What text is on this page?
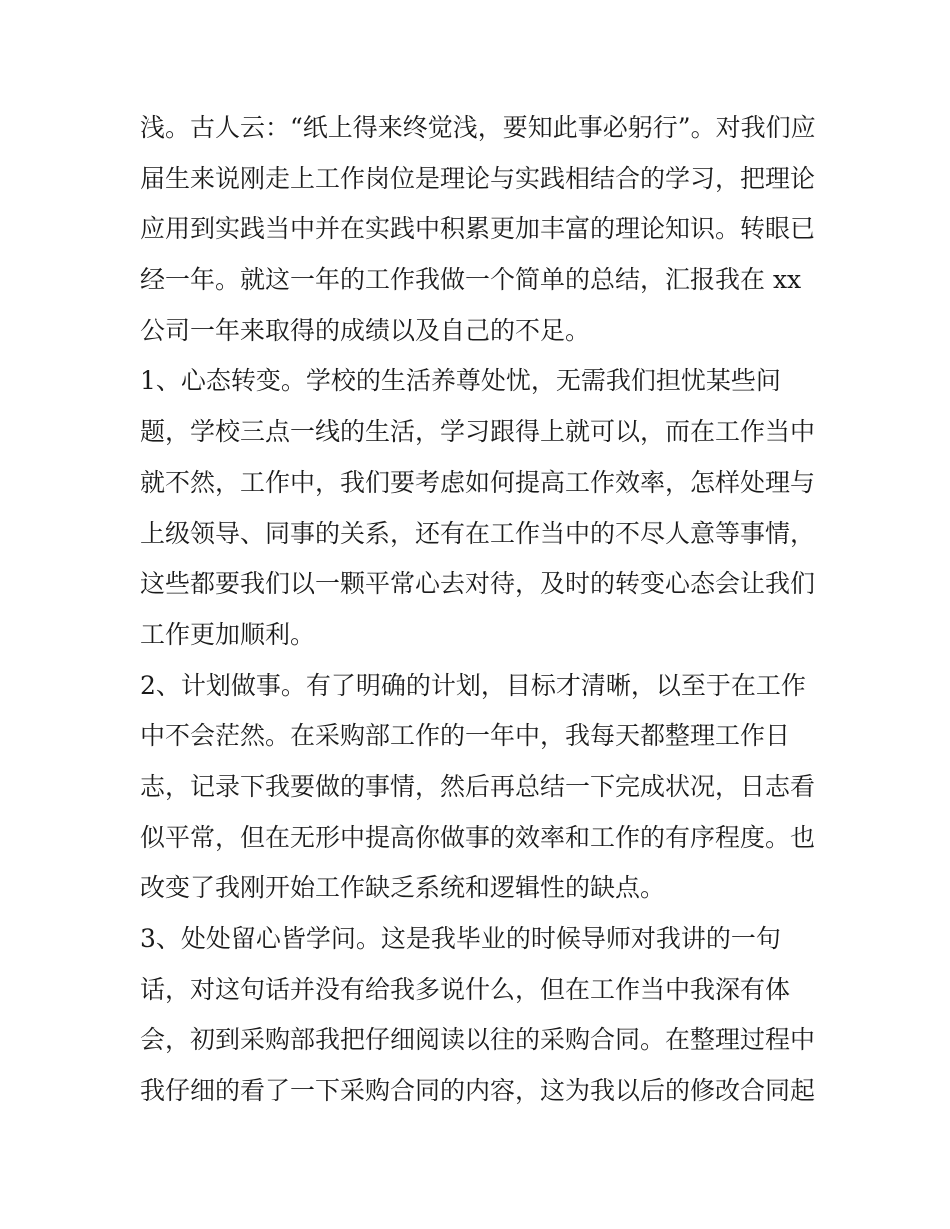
浅。古人云：“纸上得来终觉浅，要知此事必躬行”。对我们应
届生来说刚走上工作岗位是理论与实践相结合的学习，把理论
应用到实践当中并在实践中积累更加丰富的理论知识。转眼已
经一年。就这一年的工作我做一个简单的总结，汇报我在 xx
公司一年来取得的成绩以及自己的不足。
1、心态转变。学校的生活养尊处忧，无需我们担忧某些问
题，学校三点一线的生活，学习跟得上就可以，而在工作当中
就不然，工作中，我们要考虑如何提高工作效率，怎样处理与
上级领导、同事的关系，还有在工作当中的不尽人意等事情，
这些都要我们以一颗平常心去对待，及时的转变心态会让我们
工作更加顺利。
2、计划做事。有了明确的计划，目标才清晰，以至于在工作
中不会茫然。在采购部工作的一年中，我每天都整理工作日
志，记录下我要做的事情，然后再总结一下完成状况，日志看
似平常，但在无形中提高你做事的效率和工作的有序程度。也
改变了我刚开始工作缺乏系统和逻辑性的缺点。
3、处处留心皆学问。这是我毕业的时候导师对我讲的一句
话，对这句话并没有给我多说什么，但在工作当中我深有体
会，初到采购部我把仔细阅读以往的采购合同。在整理过程中
我仔细的看了一下采购合同的内容，这为我以后的修改合同起
